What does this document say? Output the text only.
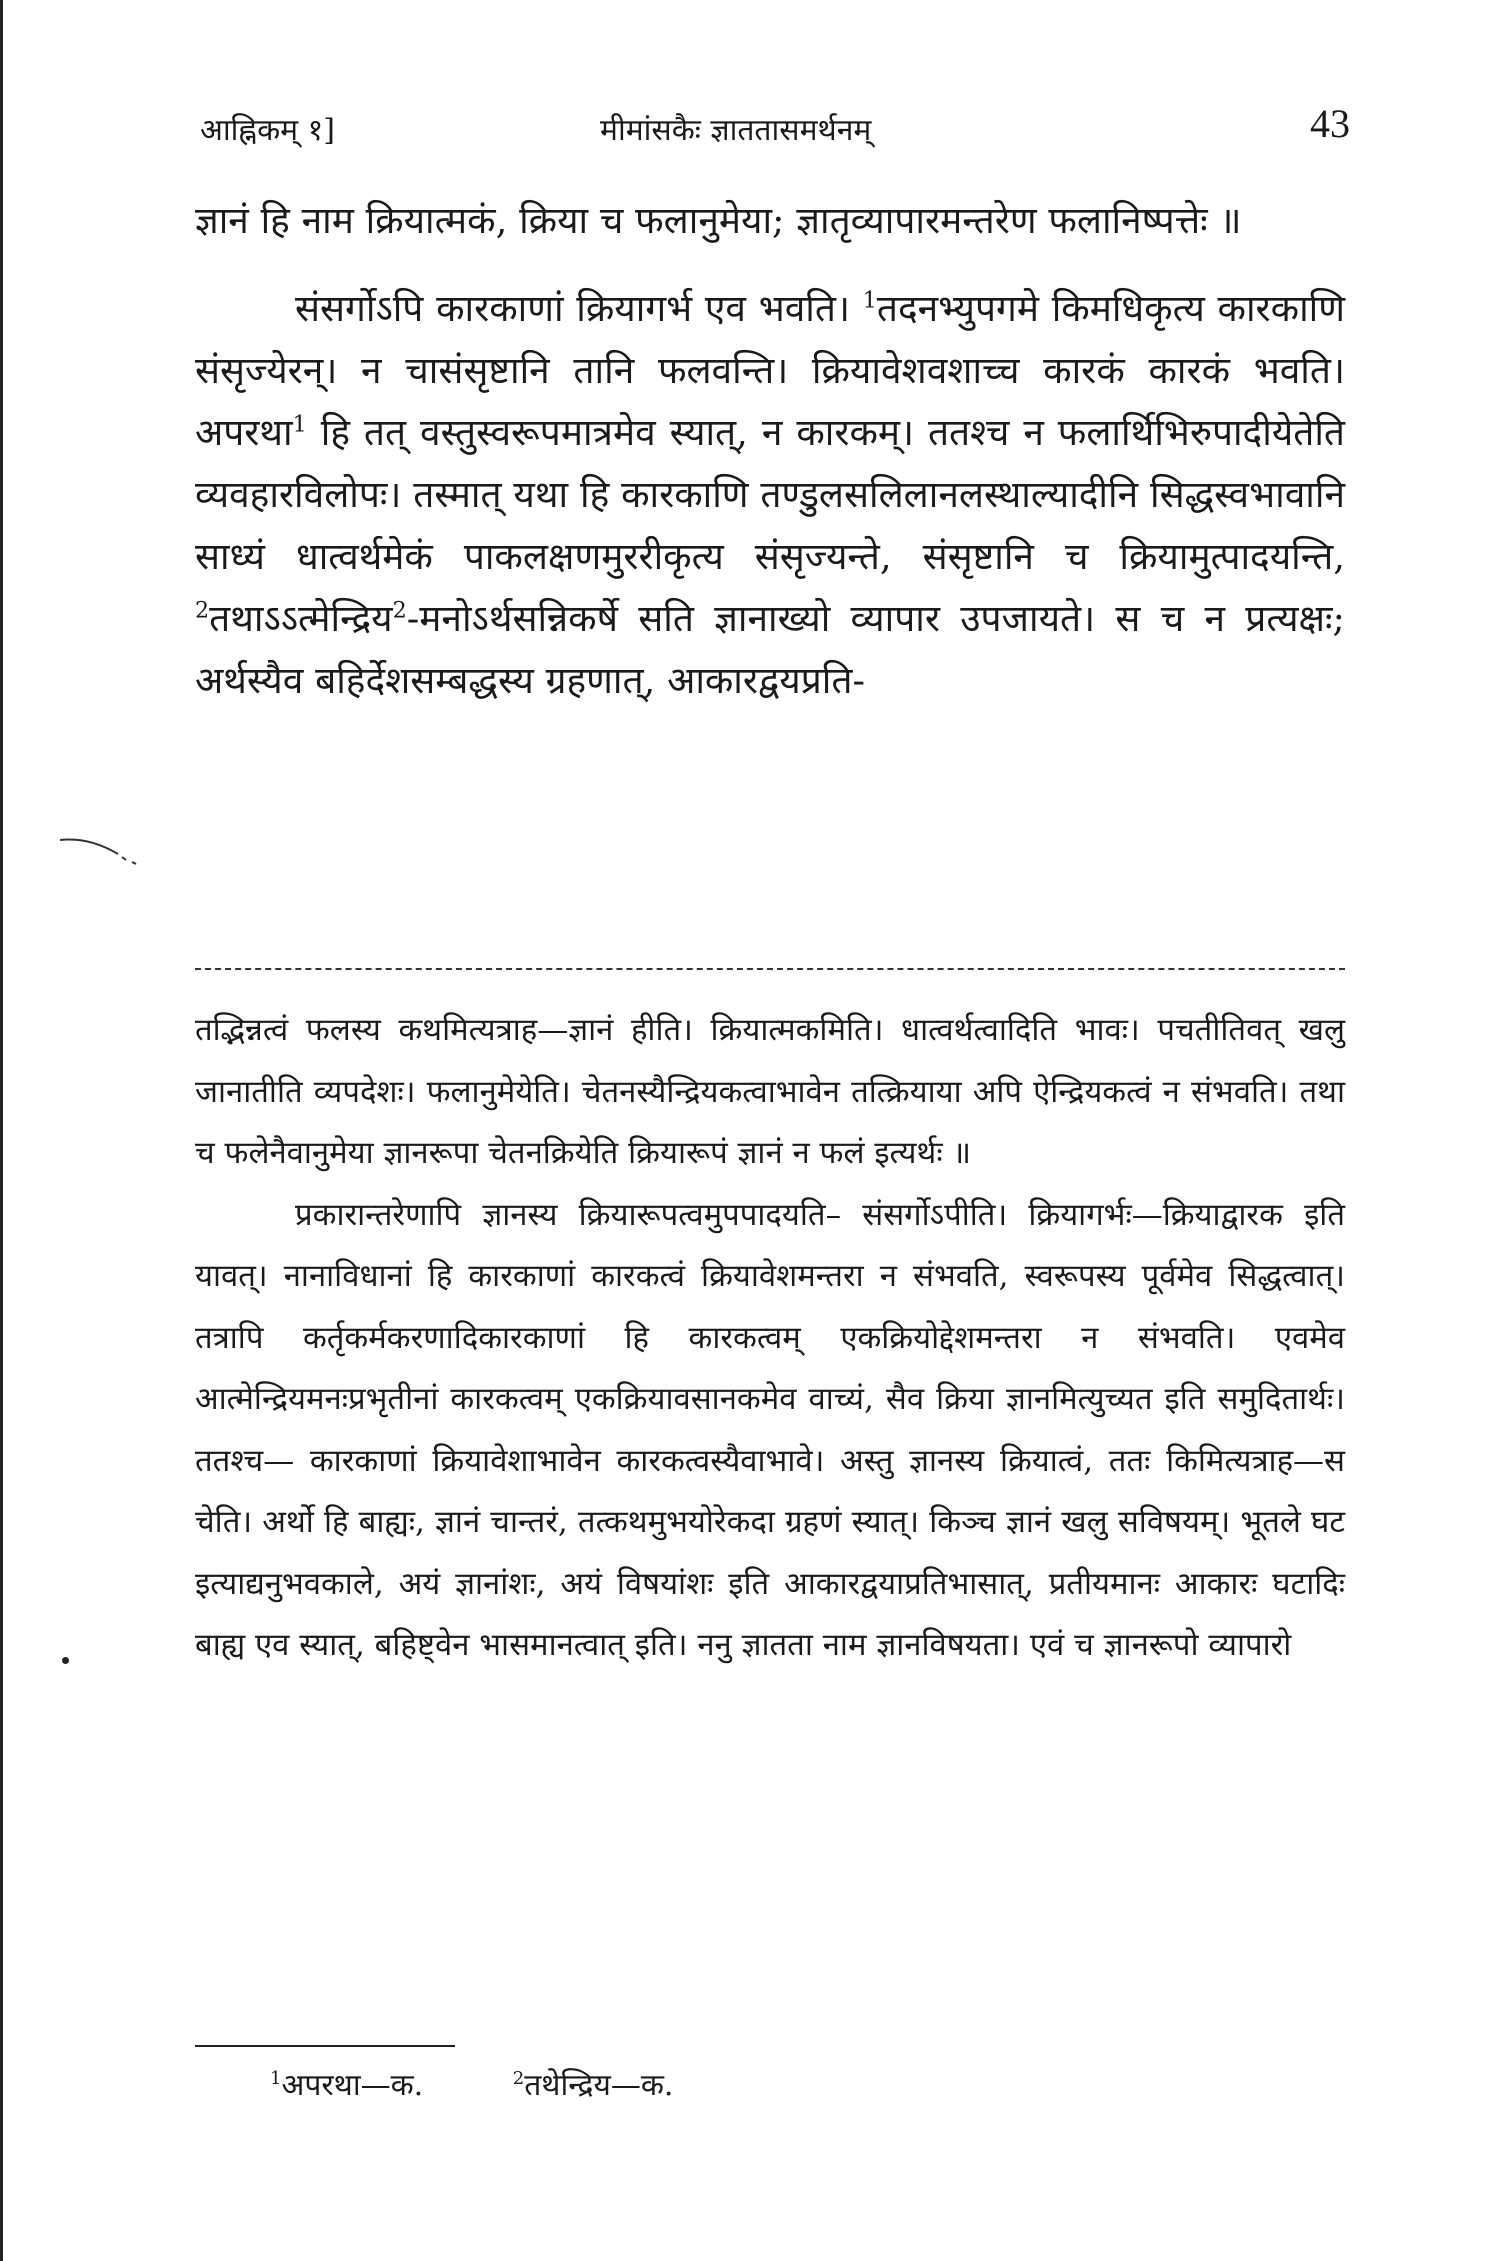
आह्निकम् १]	मीमांसकैः ज्ञाततासमर्थनम्	43

ज्ञानं हि नाम क्रियात्मकं, क्रिया च फलानुमेया; ज्ञातृव्यापारमन्तरेण फलानिष्पत्तेः ॥

संसर्गोऽपि कारकाणां क्रियागर्भ एव भवति। $^1$तदनभ्युपगमे किमधिकृत्य कारकाणि संसृज्येरन्। न चासंसृष्टानि तानि फलवन्ति। क्रियावेशवशाच्च कारकं कारकं भवति। अपरथा$^1$ हि तत् वस्तुस्वरूपमात्रमेव स्यात्, न कारकम्। ततश्च न फलार्थिभिरुपादीयेतेति व्यवहारविलोपः। तस्मात् यथा हि कारकाणि तण्डुलसलिलानलस्थाल्यादीनि सिद्धस्वभावानि साध्यं धात्वर्थमेकं पाकलक्षणमुररीकृत्य संसृज्यन्ते, संसृष्टानि च क्रियामुत्पादयन्ति, $^2$तथाऽऽत्मेन्द्रिय$^2$-मनोऽर्थसन्निकर्षे सति ज्ञानाख्यो व्यापार उपजायते। स च न प्रत्यक्षः; अर्थस्यैव बहिर्देशसम्बद्धस्य ग्रहणात्, आकारद्वयप्रति-

तद्भिन्नत्वं फलस्य कथमित्यत्राह—ज्ञानं हीति। क्रियात्मकमिति। धात्वर्थत्वादिति भावः। पचतीतिवत् खलु जानातीति व्यपदेशः। फलानुमेयेति। चेतनस्यैन्द्रियकत्वाभावेन तत्क्रियाया अपि ऐन्द्रियकत्वं न संभवति। तथा च फलेनैवानुमेया ज्ञानरूपा चेतनक्रियेति क्रियारूपं ज्ञानं न फलं इत्यर्थः ॥

प्रकारान्तरेणापि ज्ञानस्य क्रियारूपत्वमुपपादयति– संसर्गोऽपीति। क्रियागर्भः—क्रियाद्वारक इति यावत्। नानाविधानां हि कारकाणां कारकत्वं क्रियावेशमन्तरा न संभवति, स्वरूपस्य पूर्वमेव सिद्धत्वात्। तत्रापि कर्तृकर्मकरणादिकारकाणां हि कारकत्वम् एकक्रियोद्देशमन्तरा न संभवति। एवमेव आत्मेन्द्रियमनःप्रभृतीनां कारकत्वम् एकक्रियावसानकमेव वाच्यं, सैव क्रिया ज्ञानमित्युच्यत इति समुदितार्थः। ततश्च— कारकाणां क्रियावेशाभावेन कारकत्वस्यैवाभावे। अस्तु ज्ञानस्य क्रियात्वं, ततः किमित्यत्राह—स चेति। अर्थो हि बाह्यः, ज्ञानं चान्तरं, तत्कथमुभयोरेकदा ग्रहणं स्यात्। किञ्च ज्ञानं खलु सविषयम्। भूतले घट इत्याद्यनुभवकाले, अयं ज्ञानांशः, अयं विषयांशः इति आकारद्वयाप्रतिभासात्, प्रतीयमानः आकारः घटादिः बाह्य एव स्यात्, बहिष्ट्वेन भासमानत्वात् इति। ननु ज्ञातता नाम ज्ञानविषयता। एवं च ज्ञानरूपो व्यापारो

$^1$अपरथा—क.	$^2$तथेन्द्रिय—क.
